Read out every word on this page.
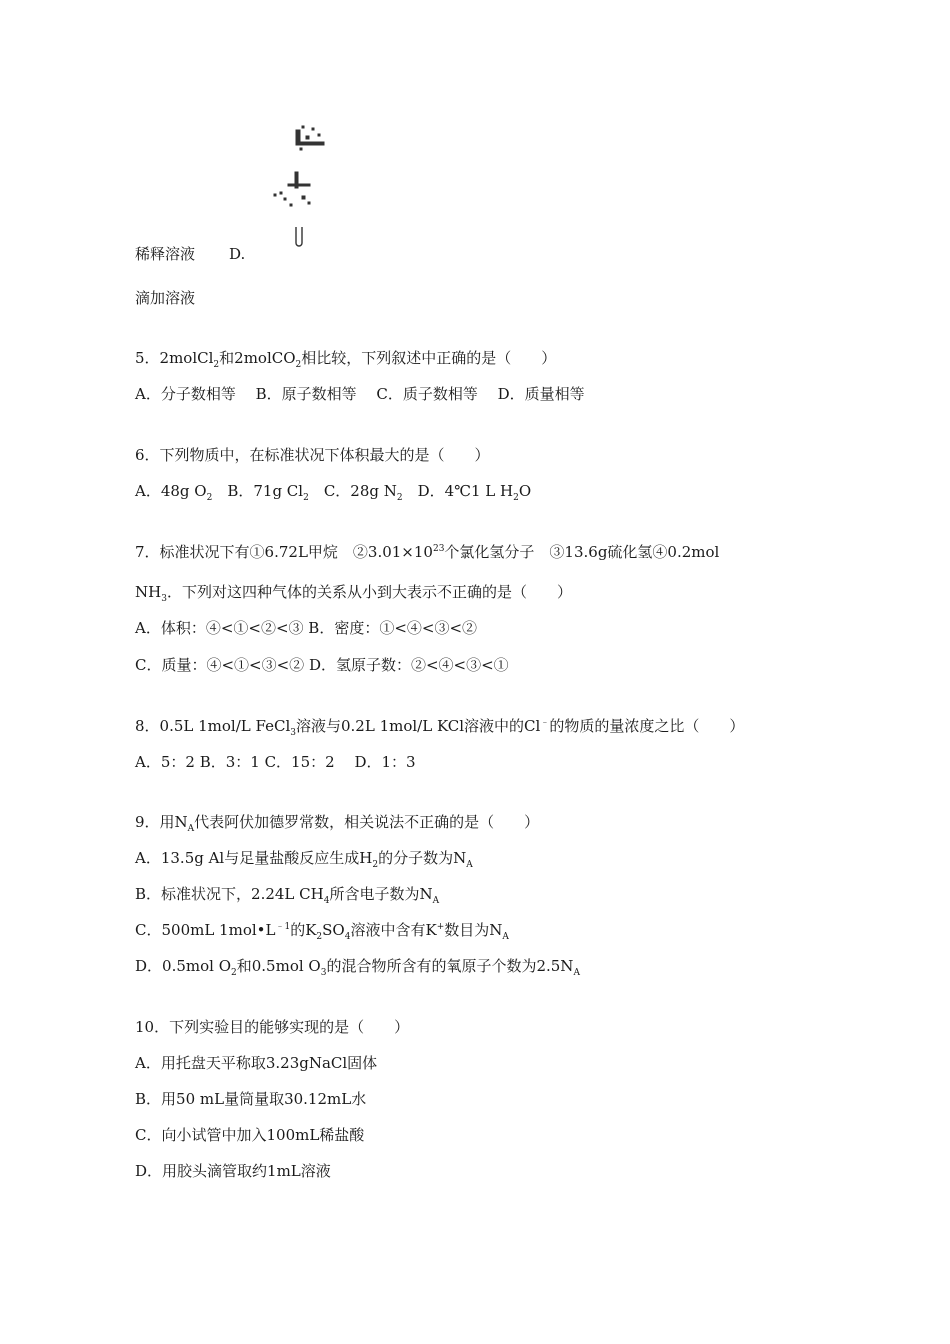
稀释溶液 D.
滴加溶液
5．2molCl$_2$和2molCO$_2$相比较，下列叙述中正确的是（　　）
A．分子数相等　 B．原子数相等　 C．质子数相等　 D．质量相等
6．下列物质中，在标准状况下体积最大的是（　　）
A．48g $O_2$　B．71g $Cl_2$　C．28g $N_2$　D．4℃1 L $H_2O$
7．标准状况下有①6.72L甲烷　$②3.01\times 10^{23}$个氯化氢分子　③13.6g硫化氢④0.2mol
$NH_3$．下列对这四种气体的关系从小到大表示不正确的是（　　）
A．体积：④<①<②<③ B．密度：①<④<③<②
C．质量：④<①<③<② D．氢原子数：②<④<③<①
8．0.5L 1mol/L FeCl$_3$溶液与0.2L 1mol/L KCl溶液中的Cl﹣的物质的量浓度之比（　　）
A．5：2 B．3：1 C．15：2　 D．1：3
9．用$N_A$代表阿伏加德罗常数，相关说法不正确的是（　　）
A．13.5g Al与足量盐酸反应生成$H_2$的分子数为$N_A$
B．标准状况下，2.24L $CH_4$所含电子数为$N_A$
C．500mL $1mol•L^{﹣1}$的$K_2SO_4$溶液中含有K+数目为$N_A$
D．0.5mol $O_2$和0.5mol $O_3$的混合物所含有的氧原子个数为$2.5N_A$
10．下列实验目的能够实现的是（　　）
A．用托盘天平称取3.23gNaCl固体
B．用50 mL量筒量取30.12mL水
C．向小试管中加入100mL稀盐酸
D．用胶头滴管取约1mL溶液
